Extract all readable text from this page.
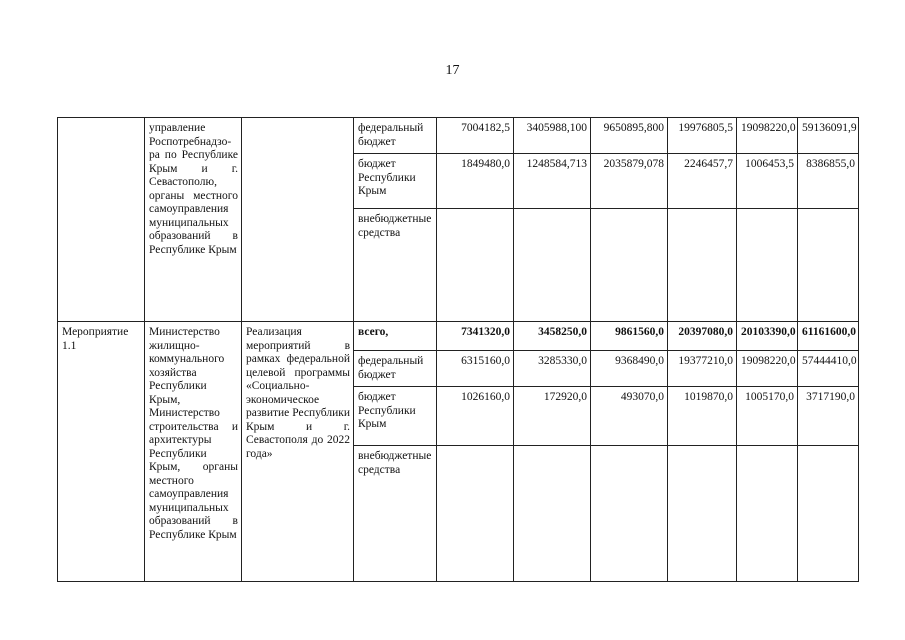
17
	управление Роспотребнадзо-ра по Республике Крым и г. Севастополю, органы местного самоуправления муниципальных образований в Республике Крым		федеральный бюджет	7004182,5	3405988,100	9650895,800	19976805,5	19098220,0	59136091,9
			бюджет Республики Крым	1849480,0	1248584,713	2035879,078	2246457,7	1006453,5	8386855,0
			внебюджетные средства						
Мероприятие 1.1	Министерство жилищно-коммунального хозяйства Республики Крым, Министерство строительства и архитектуры Республики Крым, органы местного самоуправления муниципальных образований в Республике Крым	Реализация мероприятий в рамках федеральной целевой программы «Социально-экономическое развитие Республики Крым и г. Севастополя до 2022 года»	всего,	7341320,0	3458250,0	9861560,0	20397080,0	20103390,0	61161600,0
			федеральный бюджет	6315160,0	3285330,0	9368490,0	19377210,0	19098220,0	57444410,0
			бюджет Республики Крым	1026160,0	172920,0	493070,0	1019870,0	1005170,0	3717190,0
			внебюджетные средства						
